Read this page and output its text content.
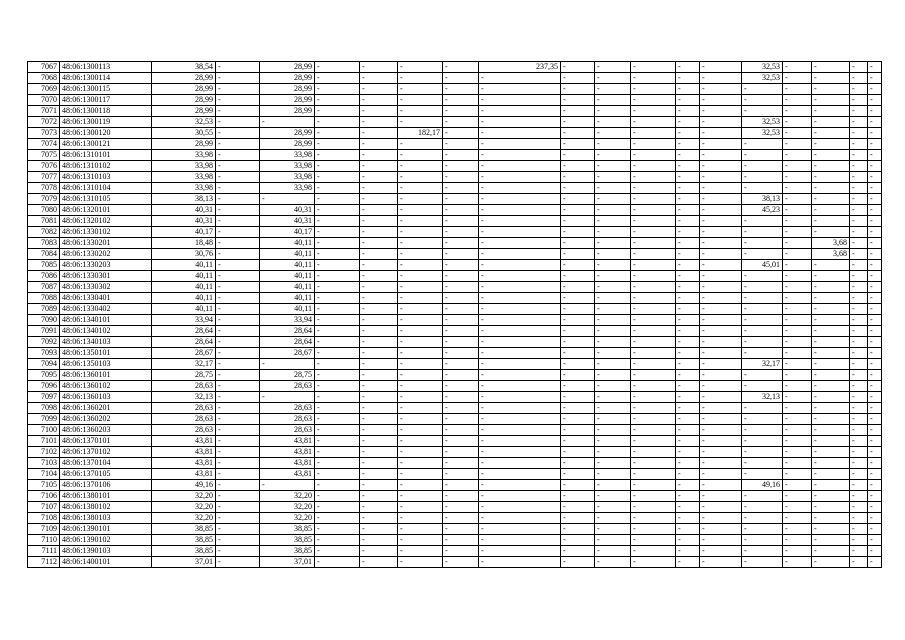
7067	48:06:1300113	38,54	-	28,99	-	-	-	-	237,35	-	-	-	-	-	32,53	-	-	-	-
7068	48:06:1300114	28,99	-	28,99	-	-	-	-	-	-	-	-	-	-	32,53	-	-	-	-
7069	48:06:1300115	28,99	-	28,99	-	-	-	-	-	-	-	-	-	-	-	-	-	-	-
7070	48:06:1300117	28,99	-	28,99	-	-	-	-	-	-	-	-	-	-	-	-	-	-	-
7071	48:06:1300118	28,99	-	28,99	-	-	-	-	-	-	-	-	-	-	-	-	-	-	-
7072	48:06:1300119	32,53	-	-	-	-	-	-	-	-	-	-	-	-	32,53	-	-	-	-
7073	48:06:1300120	30,55	-	28,99	-	-	182,17	-	-	-	-	-	-	-	32,53	-	-	-	-
7074	48:06:1300121	28,99	-	28,99	-	-	-	-	-	-	-	-	-	-	-	-	-	-	-
7075	48:06:1310101	33,98	-	33,98	-	-	-	-	-	-	-	-	-	-	-	-	-	-	-
7076	48:06:1310102	33,98	-	33,98	-	-	-	-	-	-	-	-	-	-	-	-	-	-	-
7077	48:06:1310103	33,98	-	33,98	-	-	-	-	-	-	-	-	-	-	-	-	-	-	-
7078	48:06:1310104	33,98	-	33,98	-	-	-	-	-	-	-	-	-	-	-	-	-	-	-
7079	48:06:1310105	38,13	-	-	-	-	-	-	-	-	-	-	-	-	38,13	-	-	-	-
7080	48:06:1320101	40,31	-	40,31	-	-	-	-	-	-	-	-	-	-	45,23	-	-	-	-
7081	48:06:1320102	40,31	-	40,31	-	-	-	-	-	-	-	-	-	-	-	-	-	-	-
7082	48:06:1330102	40,17	-	40,17	-	-	-	-	-	-	-	-	-	-	-	-	-	-	-
7083	48:06:1330201	18,48	-	40,11	-	-	-	-	-	-	-	-	-	-	-	-	3,68	-	-
7084	48:06:1330202	30,76	-	40,11	-	-	-	-	-	-	-	-	-	-	-	-	3,68	-	-
7085	48:06:1330203	40,11	-	40,11	-	-	-	-	-	-	-	-	-	-	45,01	-	-	-	-
7086	48:06:1330301	40,11	-	40,11	-	-	-	-	-	-	-	-	-	-	-	-	-	-	-
7087	48:06:1330302	40,11	-	40,11	-	-	-	-	-	-	-	-	-	-	-	-	-	-	-
7088	48:06:1330401	40,11	-	40,11	-	-	-	-	-	-	-	-	-	-	-	-	-	-	-
7089	48:06:1330402	40,11	-	40,11	-	-	-	-	-	-	-	-	-	-	-	-	-	-	-
7090	48:06:1340101	33,94	-	33,94	-	-	-	-	-	-	-	-	-	-	-	-	-	-	-
7091	48:06:1340102	28,64	-	28,64	-	-	-	-	-	-	-	-	-	-	-	-	-	-	-
7092	48:06:1340103	28,64	-	28,64	-	-	-	-	-	-	-	-	-	-	-	-	-	-	-
7093	48:06:1350101	28,67	-	28,67	-	-	-	-	-	-	-	-	-	-	-	-	-	-	-
7094	48:06:1350103	32,17	-	-	-	-	-	-	-	-	-	-	-	-	32,17	-	-	-	-
7095	48:06:1360101	28,75	-	28,75	-	-	-	-	-	-	-	-	-	-	-	-	-	-	-
7096	48:06:1360102	28,63	-	28,63	-	-	-	-	-	-	-	-	-	-	-	-	-	-	-
7097	48:06:1360103	32,13	-	-	-	-	-	-	-	-	-	-	-	-	32,13	-	-	-	-
7098	48:06:1360201	28,63	-	28,63	-	-	-	-	-	-	-	-	-	-	-	-	-	-	-
7099	48:06:1360202	28,63	-	28,63	-	-	-	-	-	-	-	-	-	-	-	-	-	-	-
7100	48:06:1360203	28,63	-	28,63	-	-	-	-	-	-	-	-	-	-	-	-	-	-	-
7101	48:06:1370101	43,81	-	43,81	-	-	-	-	-	-	-	-	-	-	-	-	-	-	-
7102	48:06:1370102	43,81	-	43,81	-	-	-	-	-	-	-	-	-	-	-	-	-	-	-
7103	48:06:1370104	43,81	-	43,81	-	-	-	-	-	-	-	-	-	-	-	-	-	-	-
7104	48:06:1370105	43,81	-	43,81	-	-	-	-	-	-	-	-	-	-	-	-	-	-	-
7105	48:06:1370106	49,16	-	-	-	-	-	-	-	-	-	-	-	-	49,16	-	-	-	-
7106	48:06:1380101	32,20	-	32,20	-	-	-	-	-	-	-	-	-	-	-	-	-	-	-
7107	48:06:1380102	32,20	-	32,20	-	-	-	-	-	-	-	-	-	-	-	-	-	-	-
7108	48:06:1380103	32,20	-	32,20	-	-	-	-	-	-	-	-	-	-	-	-	-	-	-
7109	48:06:1390101	38,85	-	38,85	-	-	-	-	-	-	-	-	-	-	-	-	-	-	-
7110	48:06:1390102	38,85	-	38,85	-	-	-	-	-	-	-	-	-	-	-	-	-	-	-
7111	48:06:1390103	38,85	-	38,85	-	-	-	-	-	-	-	-	-	-	-	-	-	-	-
7112	48:06:1400101	37,01	-	37,01	-	-	-	-	-	-	-	-	-	-	-	-	-	-	-
